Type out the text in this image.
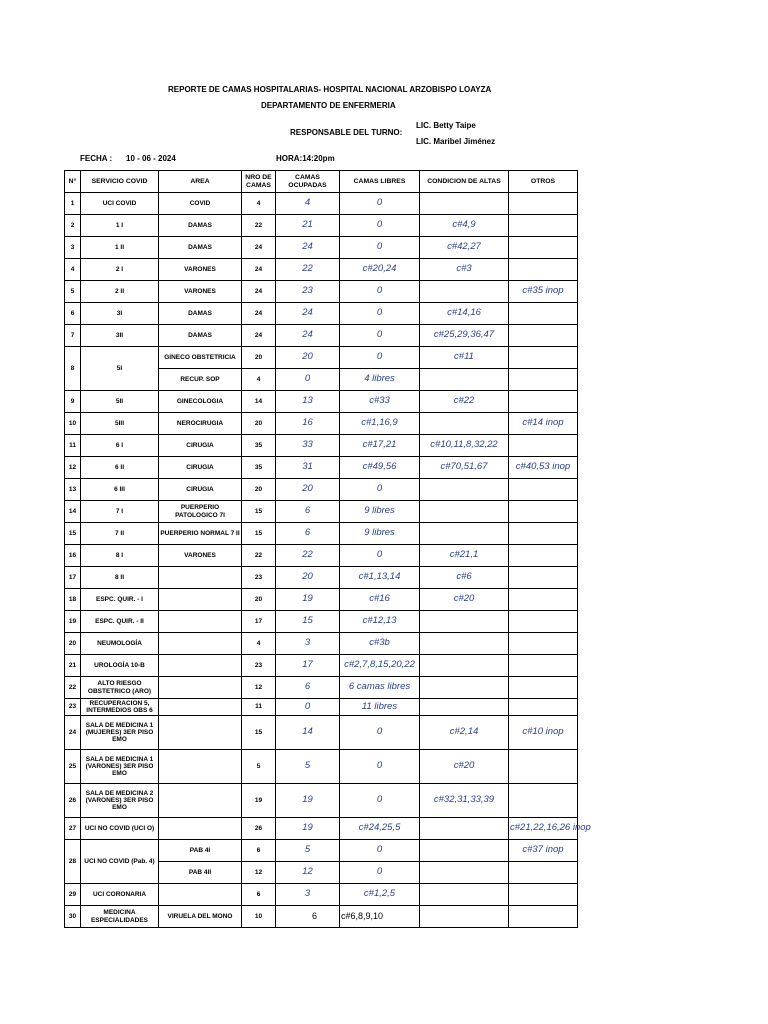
REPORTE DE CAMAS HOSPITALARIAS- HOSPITAL NACIONAL ARZOBISPO LOAYZA
DEPARTAMENTO DE ENFERMERIA
RESPONSABLE DEL TURNO:
LIC. Betty Taipe
LIC. Maribel Jiménez
FECHA : 10 - 06 - 2024	HORA:14:20pm
N°	SERVICIO COVID	AREA	NRO DE CAMAS	CAMAS OCUPADAS	CAMAS LIBRES	CONDICION DE ALTAS	OTROS
1	UCI COVID	COVID	4	4	0		
2	1 I	DAMAS	22	21	0	c#4,9	
3	1 II	DAMAS	24	24	0	c#42,27	
4	2 I	VARONES	24	22	c#20,24	c#3	
5	2 II	VARONES	24	23	0		c#35 inop
6	3I	DAMAS	24	24	0	c#14,16	
7	3II	DAMAS	24	24	0	c#25,29,36,47	
8	5I	GINECO OBSTETRICIA	20	20	0	c#11	
		RECUP. SOP	4	0	4 libres		
9	5II	GINECOLOGIA	14	13	c#33	c#22	
10	5III	NEROCIRUGIA	20	16	c#1,16,9		c#14 inop
11	6 I	CIRUGIA	35	33	c#17,21	c#10,11,8,32,22	
12	6 II	CIRUGIA	35	31	c#49,56	c#70,51,67	c#40,53 inop
13	6 III	CIRUGIA	20	20	0		
14	7 I	PUERPERIO PATOLOGICO 7I	15	6	9 libres		
15	7 II	PUERPERIO NORMAL 7 II	15	6	9 libres		
16	8 I	VARONES	22	22	0	c#21,1	
17	8 II		23	20	c#1,13,14	c#6	
18	ESPC. QUIR. - I		20	19	c#16	c#20	
19	ESPC. QUIR. - II		17	15	c#12,13		
20	NEUMOLOGÍA		4	3	c#3b		
21	UROLOGÍA 10-B		23	17	c#2,7,8,15,20,22		
22	ALTO RIESGO OBSTETRICO (ARO)		12	6	6 camas libres		
23	RECUPERACION 5, INTERMEDIOS OBS 6		11	0	11 libres		
24	SALA DE MEDICINA 1 (MUJERES) 3ER PISO EMO		15	14	0	c#2,14	c#10 inop
25	SALA DE MEDICINA 1 (VARONES) 3ER PISO EMO		5	5	0	c#20	
26	SALA DE MEDICINA 2 (VARONES) 3ER PISO EMO		19	19	0	c#32,31,33,39	
27	UCI NO COVID (UCI O)		26	19	c#24,25,5		c#21,22,16,26 inop
28	UCI NO COVID (Pab. 4)	PAB 4I	6	5	0		c#37 inop
		PAB 4II	12	12	0		
29	UCI CORONARIA		6	3	c#1,2,5		
30	MEDICINA ESPECIALIDADES	VIRUELA DEL MONO	10	6	c#6,8,9,10		
